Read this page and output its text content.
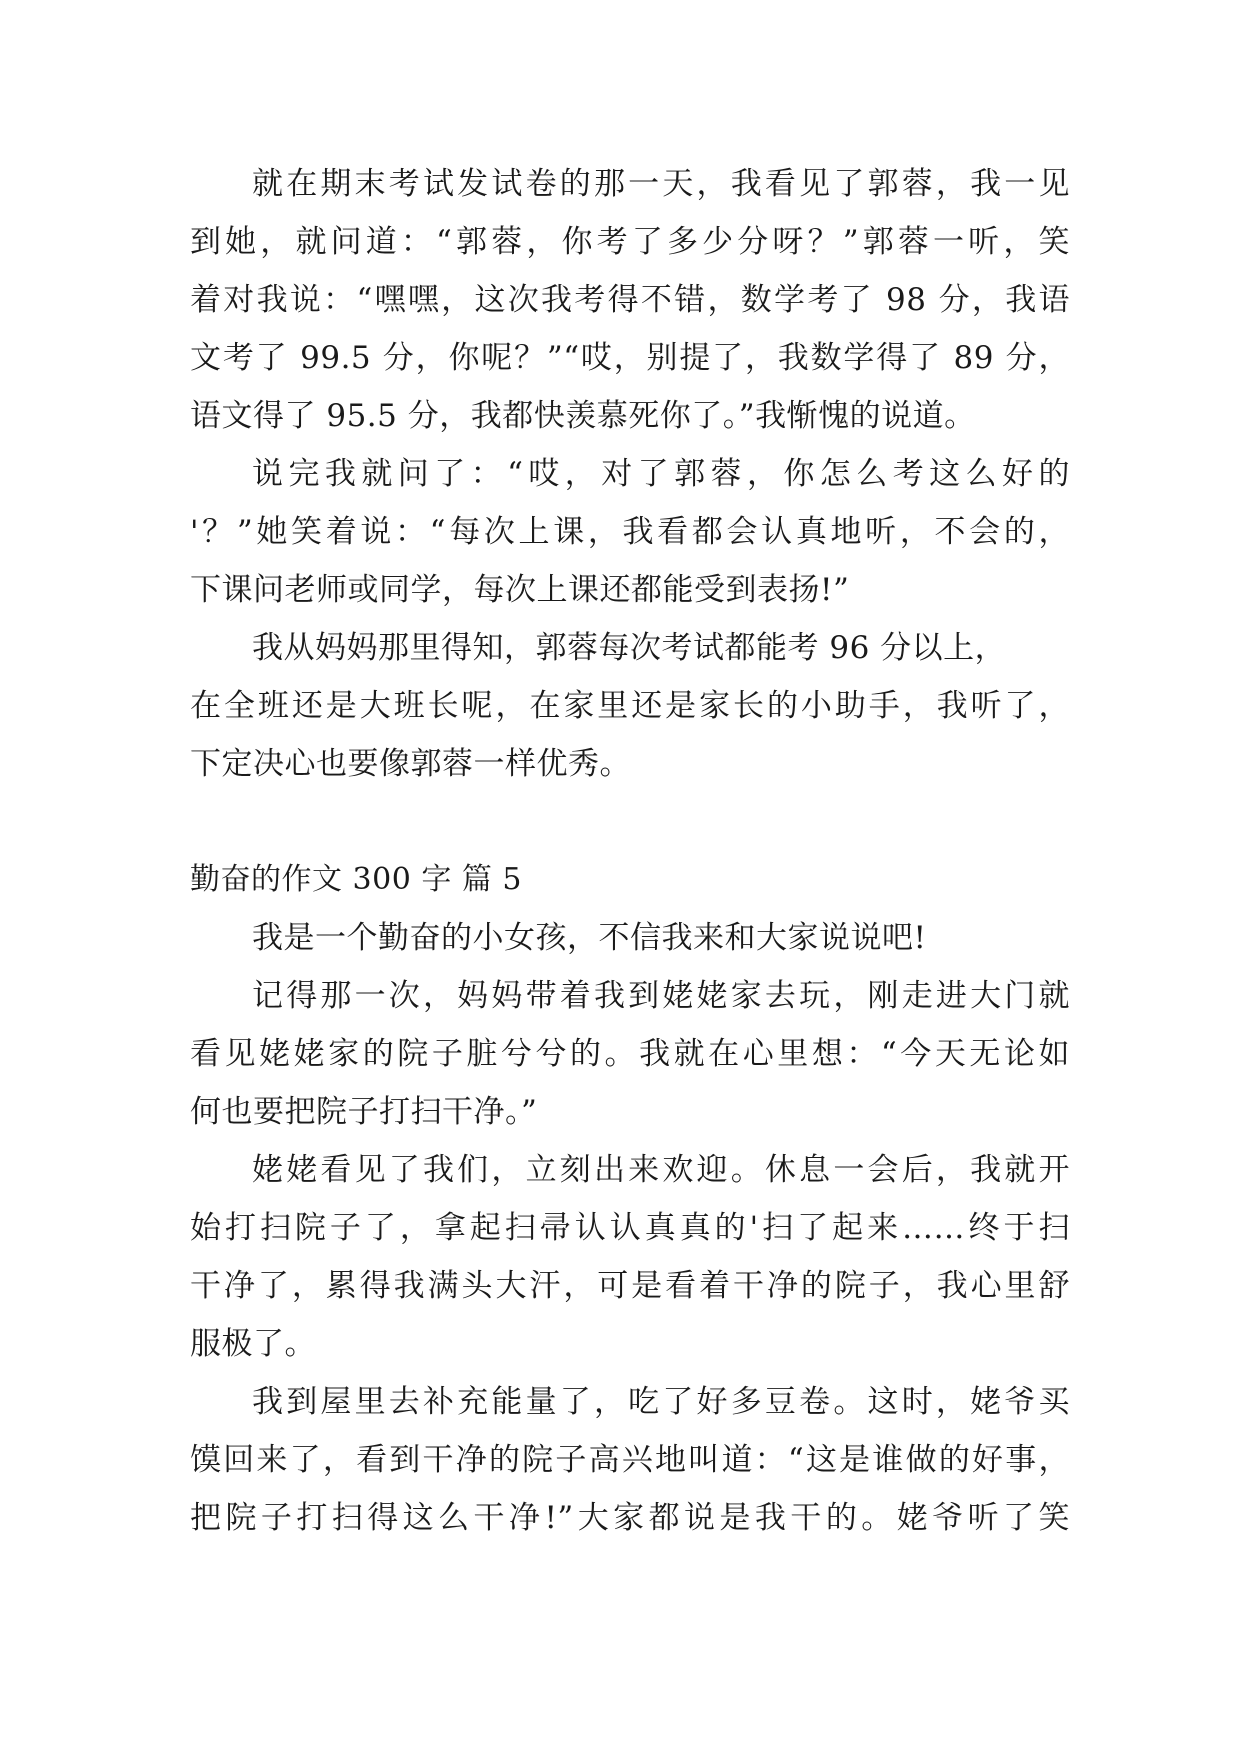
就在期末考试发试卷的那一天，我看见了郭蓉，我一见
到她，就问道：“郭蓉，你考了多少分呀？”郭蓉一听，笑
着对我说：“嘿嘿，这次我考得不错，数学考了 98 分，我语
文考了 99.5 分，你呢？”“哎，别提了，我数学得了 89 分，
语文得了 95.5 分，我都快羡慕死你了。”我惭愧的说道。
说完我就问了：“哎，对了郭蓉，你怎么考这么好的
'？”她笑着说：“每次上课，我看都会认真地听，不会的，
下课问老师或同学，每次上课还都能受到表扬!”
我从妈妈那里得知，郭蓉每次考试都能考 96 分以上，
在全班还是大班长呢，在家里还是家长的小助手，我听了，
下定决心也要像郭蓉一样优秀。
勤奋的作文 300 字 篇 5
我是一个勤奋的小女孩，不信我来和大家说说吧!
记得那一次，妈妈带着我到姥姥家去玩，刚走进大门就
看见姥姥家的院子脏兮兮的。我就在心里想：“今天无论如
何也要把院子打扫干净。”
姥姥看见了我们，立刻出来欢迎。休息一会后，我就开
始打扫院子了，拿起扫帚认认真真的'扫了起来……终于扫
干净了，累得我满头大汗，可是看着干净的院子，我心里舒
服极了。
我到屋里去补充能量了，吃了好多豆卷。这时，姥爷买
馍回来了，看到干净的院子高兴地叫道：“这是谁做的好事，
把院子打扫得这么干净!”大家都说是我干的。姥爷听了笑
